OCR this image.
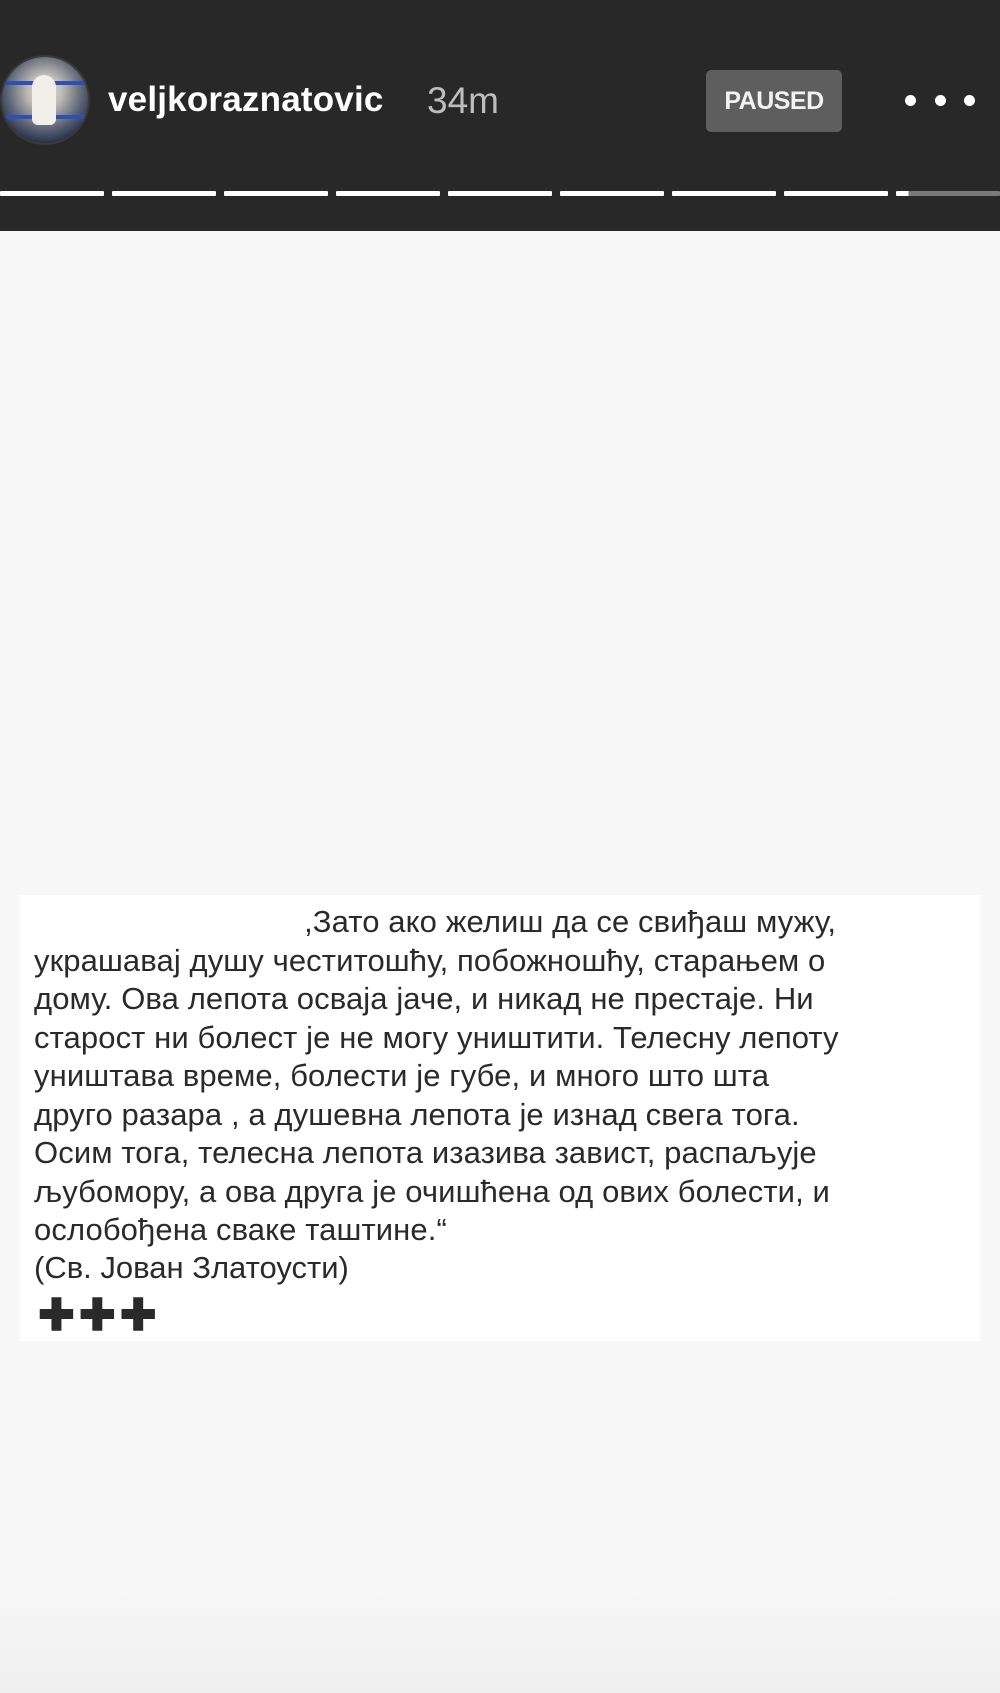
veljkoraznatovic 34m	PAUSED
,Зато ако желиш да се свиђаш мужу,
украшавај душу честитошћу, побожношћу, старањем о
дому. Ова лепота осваја јаче, и никад не престаје. Ни
старост ни болест је не могу уништити. Телесну лепоту
уништава време, болести је губе, и много што шта
друго разара , а душевна лепота је изнад свега тога.
Осим тога, телесна лепота изазива завист, распаљује
љубомору, а ова друга је очишћена од ових болести, и
ослобођена сваке таштине.“
(Св. Јован Златоусти)
✚✚✚
